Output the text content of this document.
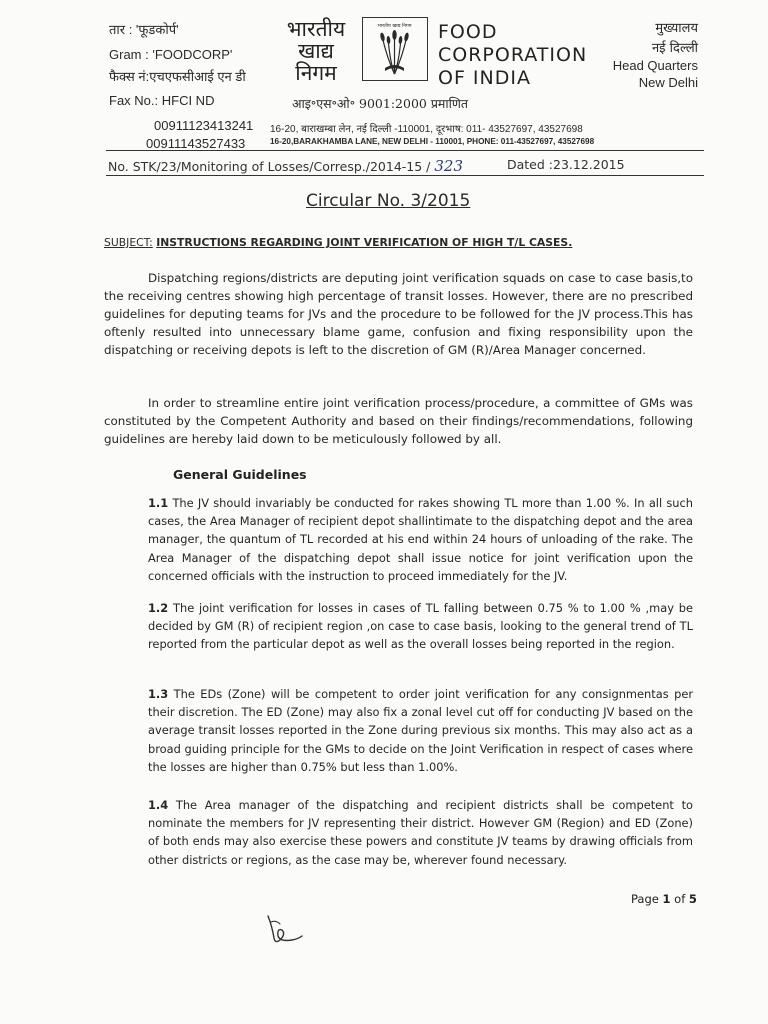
तार : 'फूडकोर्प'
Gram : 'FOODCORP'
फैक्स नं:एचएफसीआई एन डी
Fax No.: HFCI ND
00911123413241
00911143527433
भारतीय
खाद्य
निगम
भारतीय खाद्य निगम FOOD
CORPORATION
OF INDIA
मुख्यालय
नई दिल्ली
Head Quarters
New Delhi
आइ॰एस॰ओ॰ 9001:2000 प्रमाणित
16-20, बाराखम्बा लेन, नई दिल्ली -110001, दूरभाष: 011- 43527697, 43527698
16-20,BARAKHAMBA LANE, NEW DELHI - 110001, PHONE: 011-43527697, 43527698
No. STK/23/Monitoring of Losses/Corresp./2014-15 / 323	Dated :23.12.2015
Circular No. 3/2015
SUBJECT: INSTRUCTIONS REGARDING JOINT VERIFICATION OF HIGH T/L CASES.

Dispatching regions/districts are deputing joint verification squads on case to case basis,to the receiving centres showing high percentage of transit losses. However, there are no prescribed guidelines for deputing teams for JVs and the procedure to be followed for the JV process.This has oftenly resulted into unnecessary blame game, confusion and fixing responsibility upon the dispatching or receiving depots is left to the discretion of GM (R)/Area Manager concerned.

In order to streamline entire joint verification process/procedure, a committee of GMs was constituted by the Competent Authority and based on their findings/recommendations, following guidelines are hereby laid down to be meticulously followed by all.

General Guidelines
1.1 The JV should invariably be conducted for rakes showing TL more than 1.00 %. In all such cases, the Area Manager of recipient depot shallintimate to the dispatching depot and the area manager, the quantum of TL recorded at his end within 24 hours of unloading of the rake. The Area Manager of the dispatching depot shall issue notice for joint verification upon the concerned officials with the instruction to proceed immediately for the JV.
1.2 The joint verification for losses in cases of TL falling between 0.75 % to 1.00 % ,may be decided by GM (R) of recipient region ,on case to case basis, looking to the general trend of TL reported from the particular depot as well as the overall losses being reported in the region.
1.3 The EDs (Zone) will be competent to order joint verification for any consignmentas per their discretion. The ED (Zone) may also fix a zonal level cut off for conducting JV based on the average transit losses reported in the Zone during previous six months. This may also act as a broad guiding principle for the GMs to decide on the Joint Verification in respect of cases where the losses are higher than 0.75% but less than 1.00%.
1.4 The Area manager of the dispatching and recipient districts shall be competent to nominate the members for JV representing their district. However GM (Region) and ED (Zone) of both ends may also exercise these powers and constitute JV teams by drawing officials from other districts or regions, as the case may be, wherever found necessary.
Page 1 of 5
